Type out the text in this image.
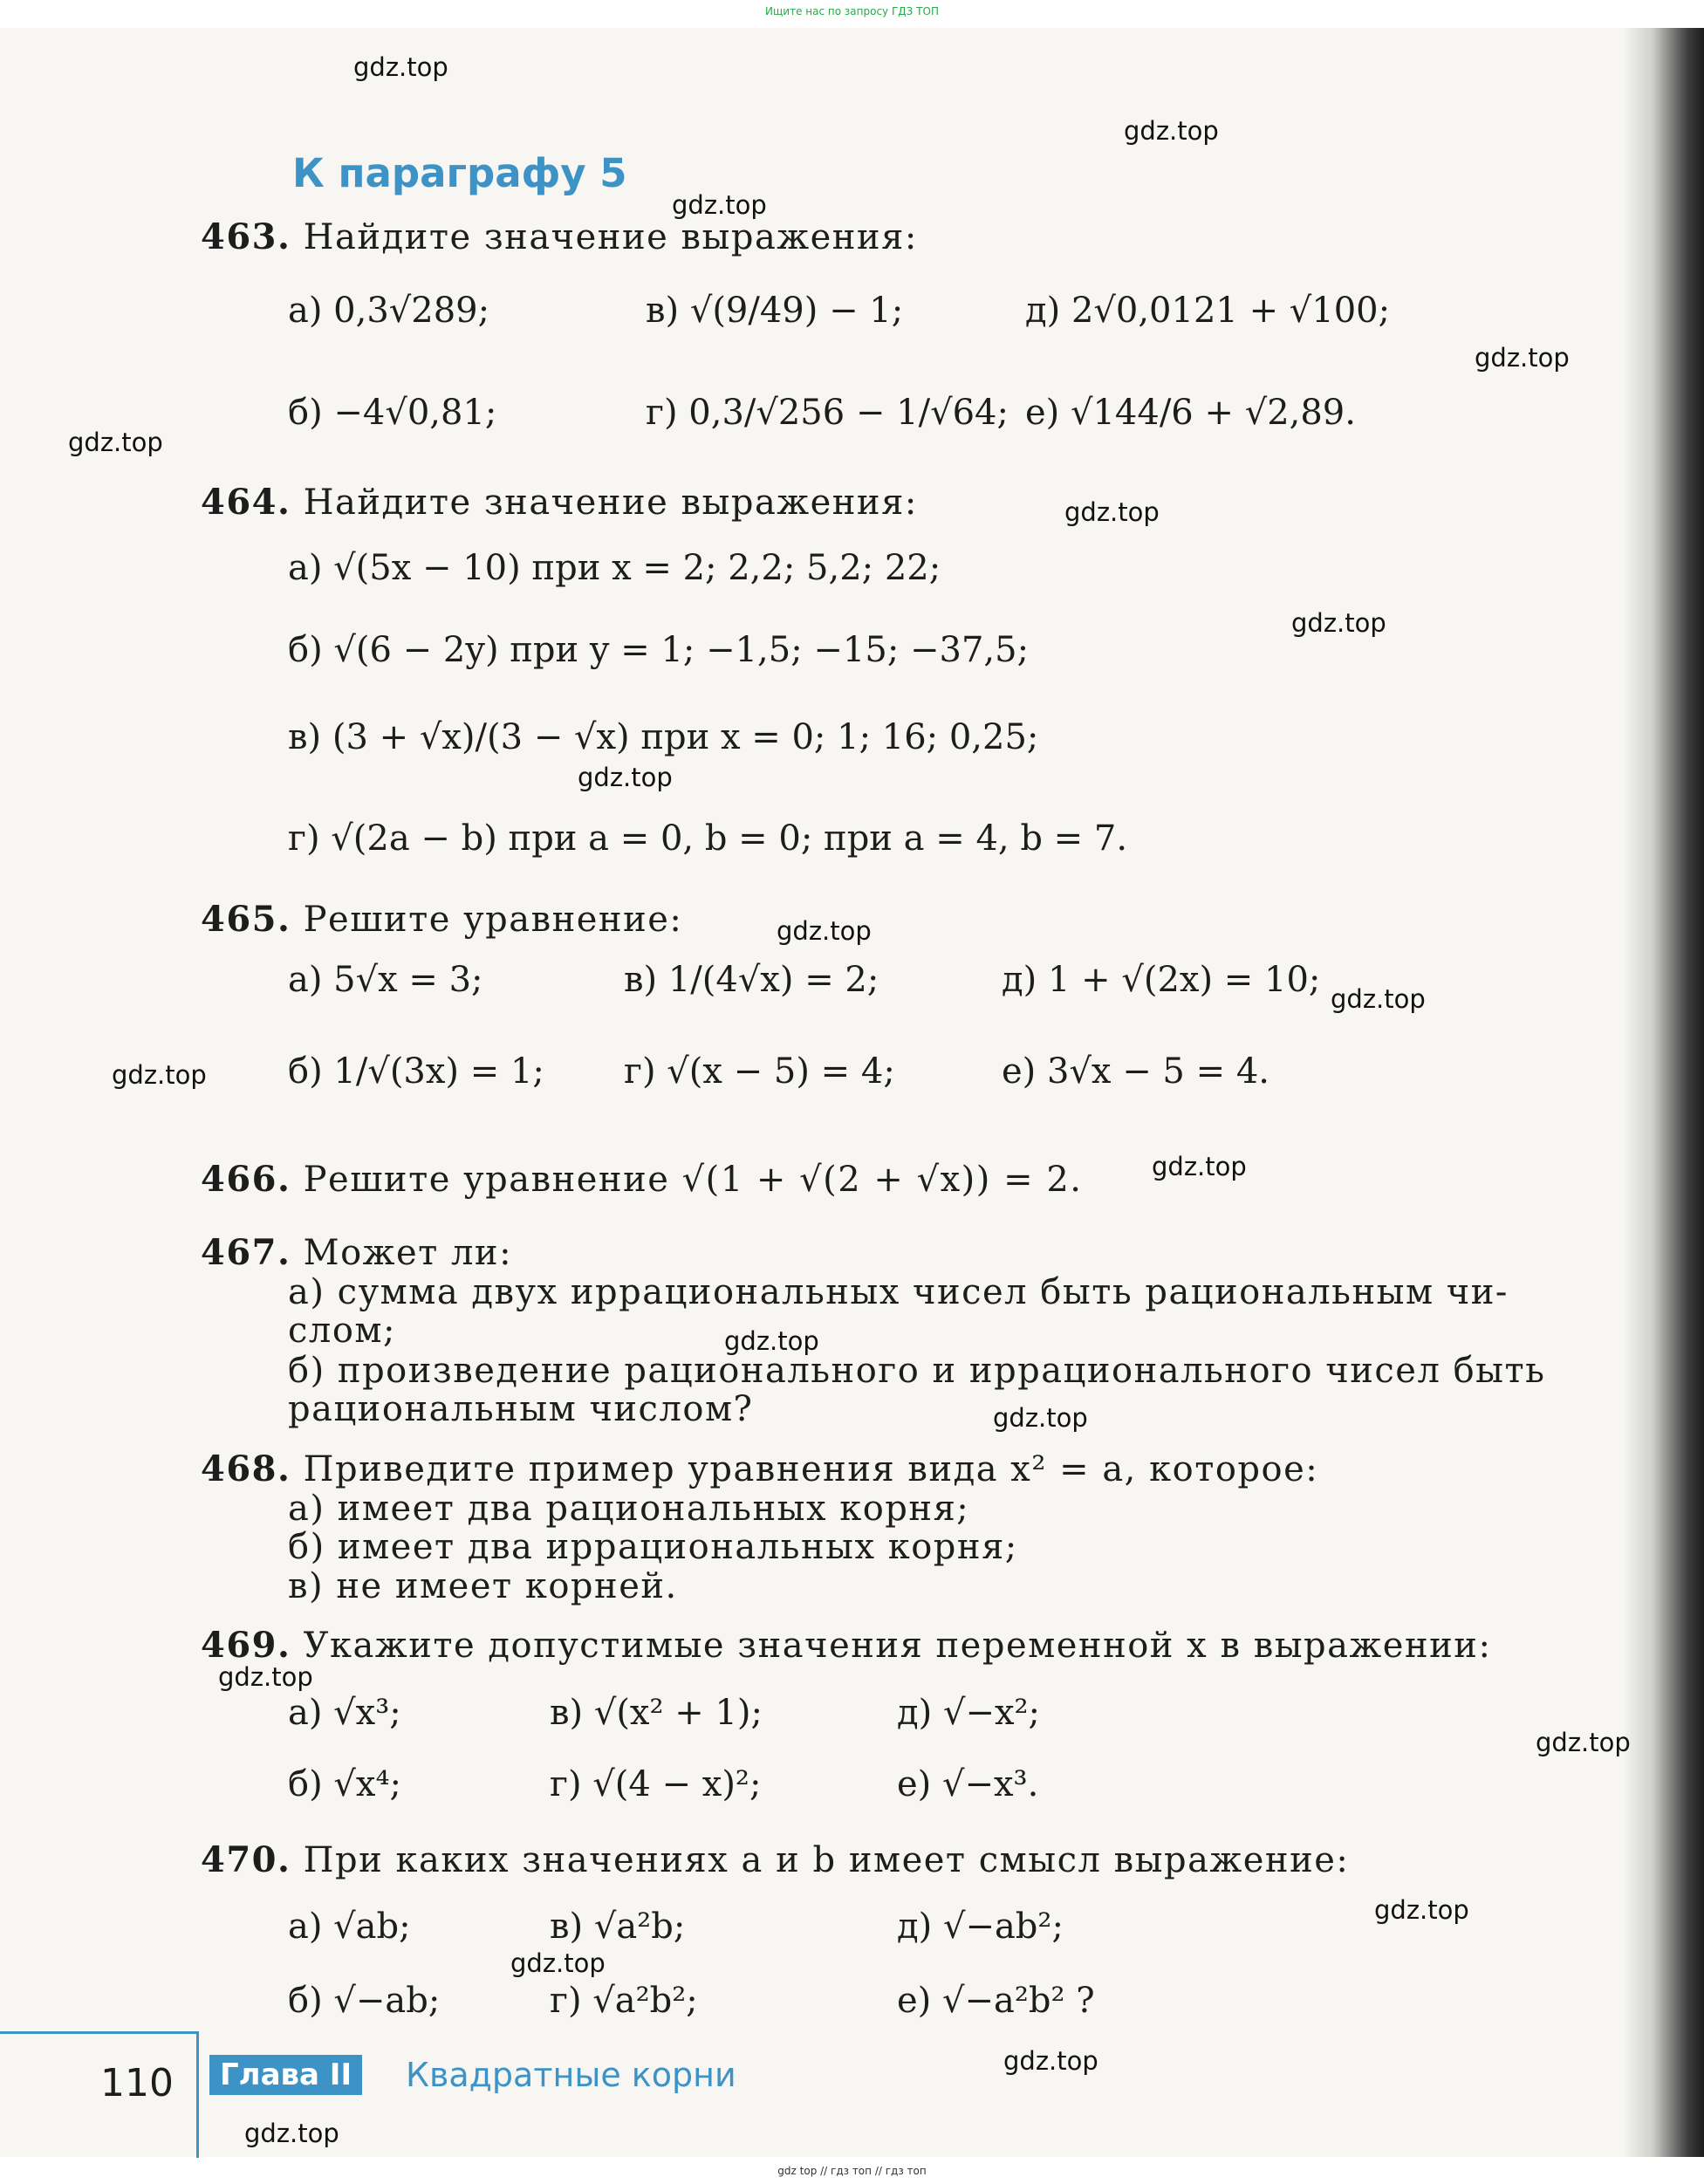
Ищите нас по запросу ГДЗ ТОП
К параграфу 5
463. Найдите значение выражения:
а) 0,3√289;	в) √(9/49) − 1;	д) 2√0,0121 + √100;
б) −4√0,81;	г) 0,3/√256 − 1/√64; е) √144/6 + √2,89.
464. Найдите значение выражения:
а) √(5x − 10) при x = 2; 2,2; 5,2; 22;
б) √(6 − 2y) при y = 1; −1,5; −15; −37,5;
в) (3 + √x)/(3 − √x) при x = 0; 1; 16; 0,25;
г) √(2a − b) при a = 0, b = 0; при a = 4, b = 7.
465. Решите уравнение:
а) 5√x = 3;	в) 1/(4√x) = 2;	д) 1 + √(2x) = 10;
б) 1/√(3x) = 1; г) √(x − 5) = 4;	е) 3√x − 5 = 4.
466. Решите уравнение √(1 + √(2 + √x)) = 2.
467. Может ли:
а) сумма двух иррациональных чисел быть рациональным чи-
слом;
б) произведение рационального и иррационального чисел быть
рациональным числом?
468. Приведите пример уравнения вида x² = a, которое:
а) имеет два рациональных корня;
б) имеет два иррациональных корня;
в) не имеет корней.
469. Укажите допустимые значения переменной x в выражении:
а) √x³;	в) √(x² + 1);	д) √−x²;
б) √x⁴;	г) √(4 − x)²;	е) √−x³.
470. При каких значениях a и b имеет смысл выражение:
а) √ab;	в) √a²b;	д) √−ab²;
б) √−ab;	г) √a²b²;	е) √−a²b² ?
110	Глава II	Квадратные корни
gdz.top
gdz.top
gdz.top
gdz.top
gdz.top
gdz.top
gdz.top
gdz.top
gdz.top
gdz.top
gdz.top
gdz.top
gdz.top
gdz.top
gdz.top
gdz.top
gdz.top
gdz.top
gdz.top
gdz.top
gdz top // гдз топ // гдз топ
